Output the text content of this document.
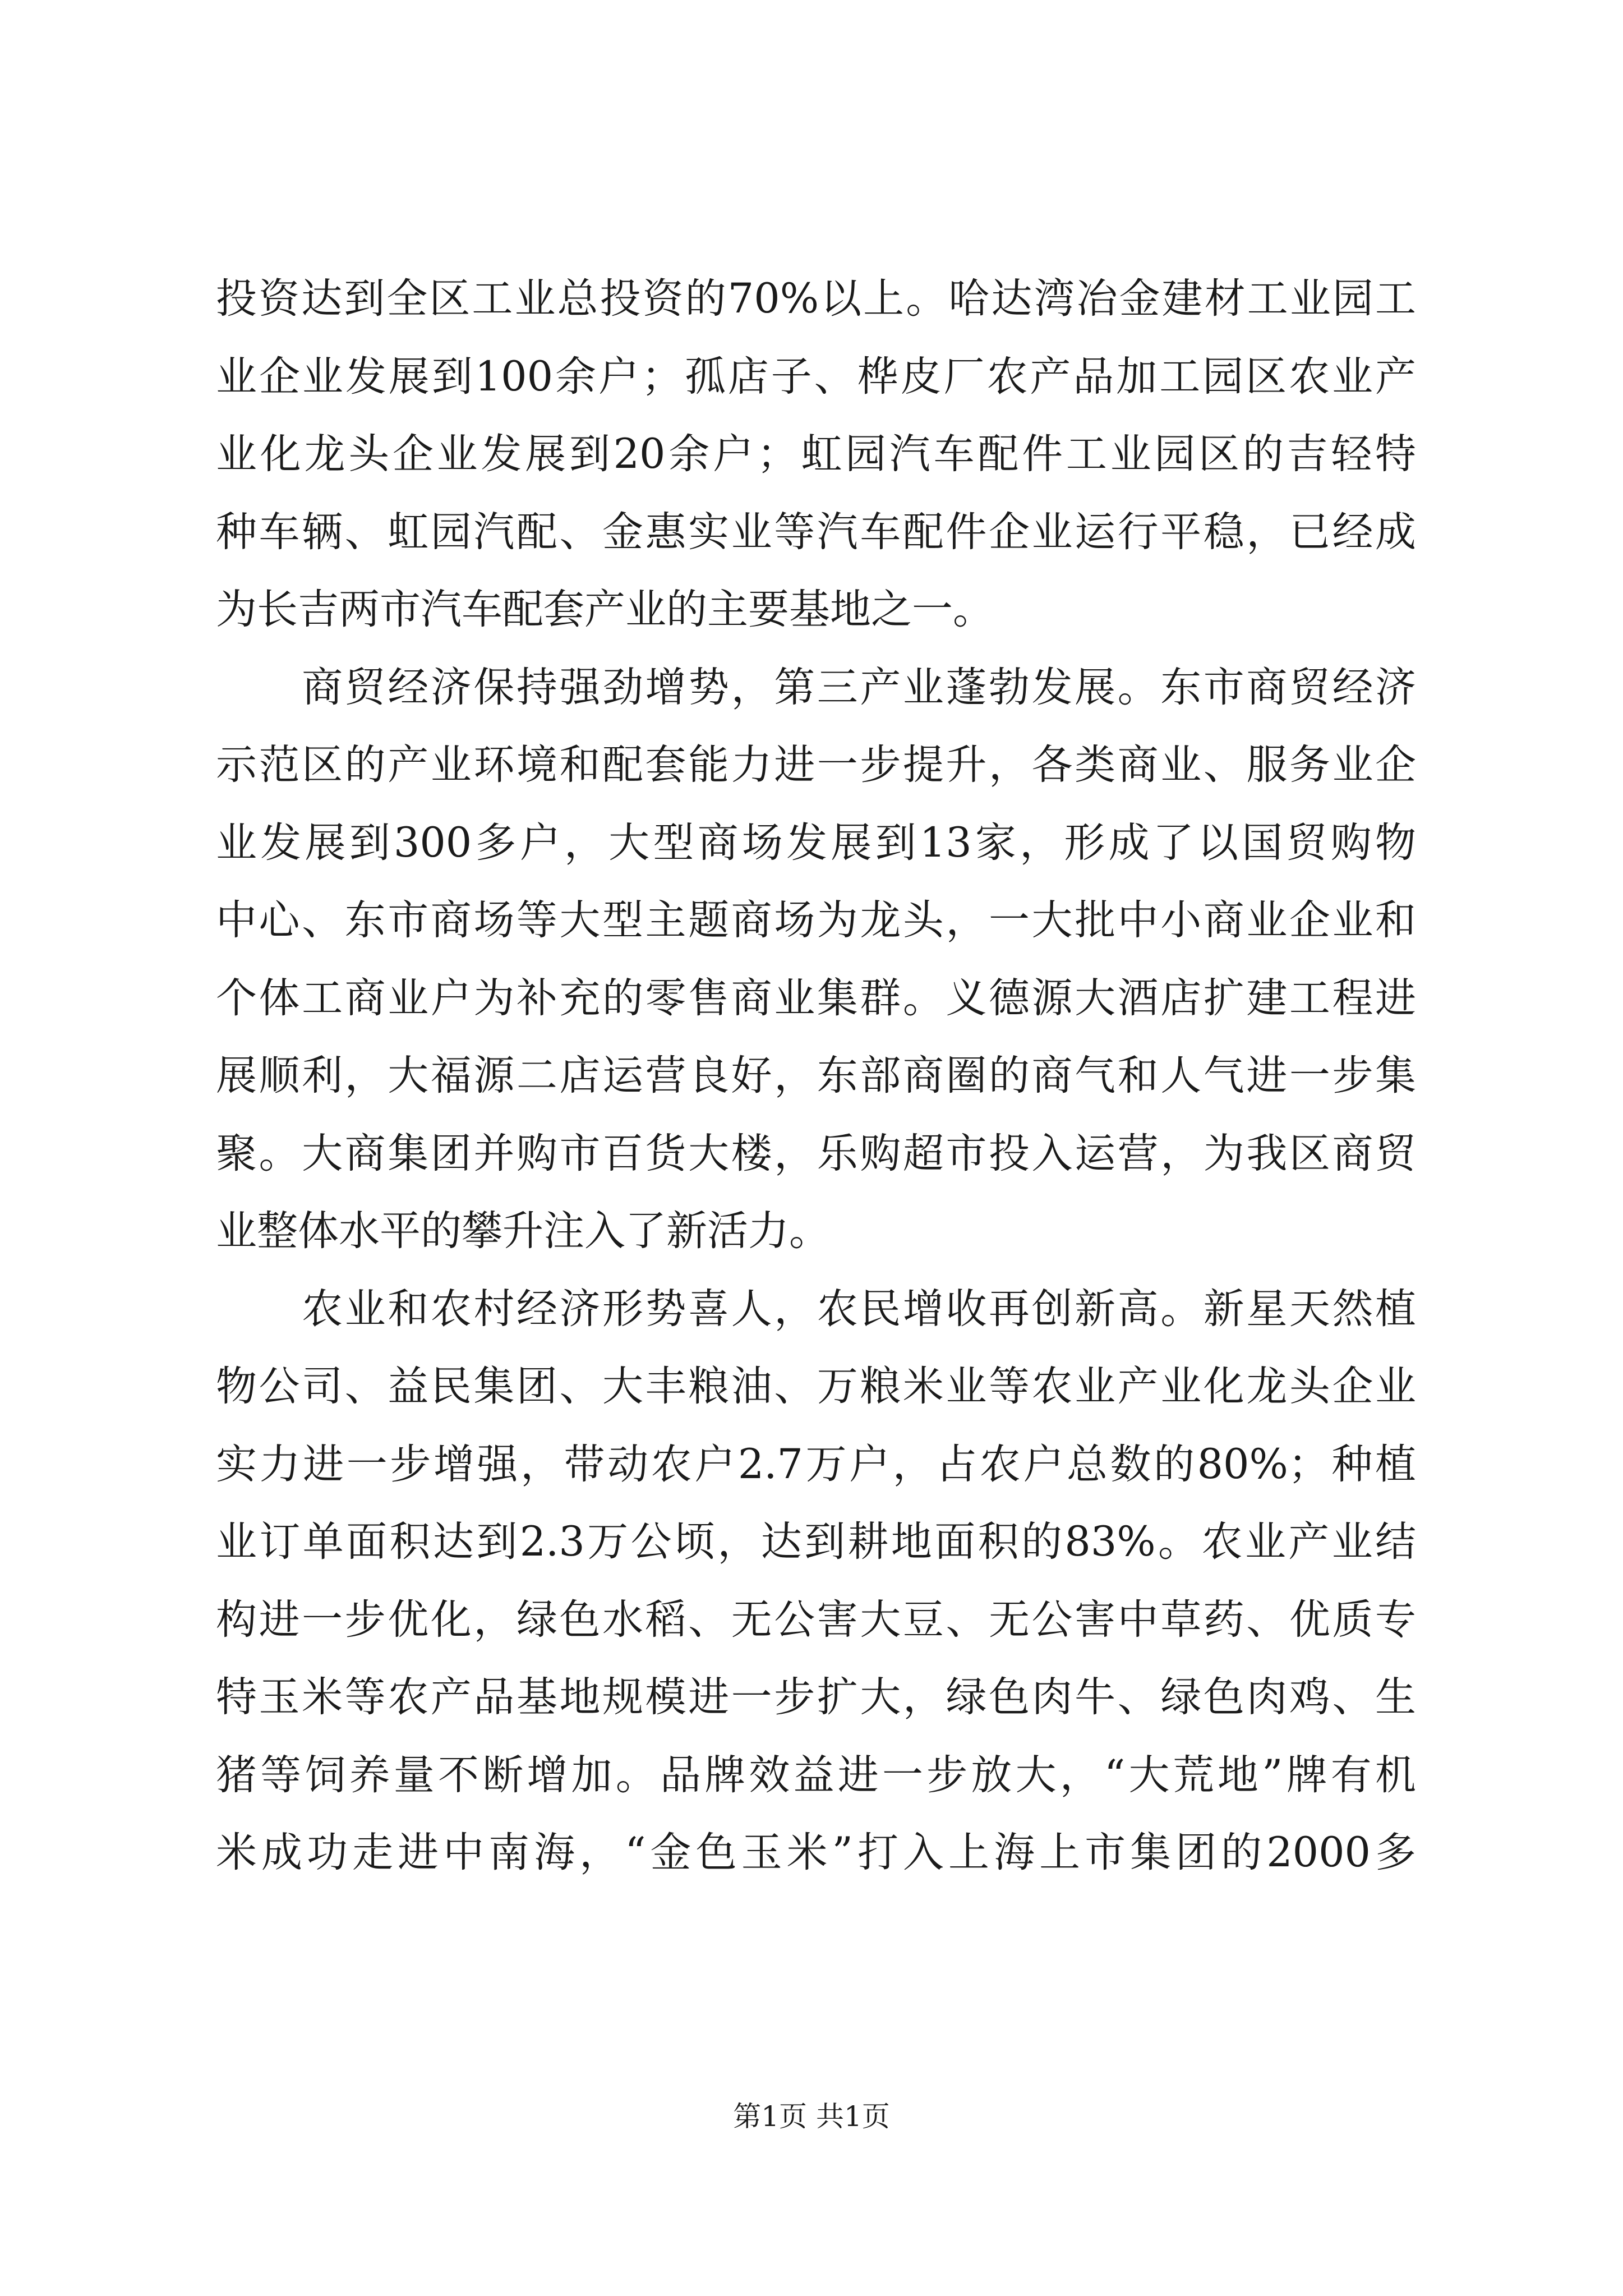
投资达到全区工业总投资的70%以上。哈达湾冶金建材工业园工
业企业发展到100余户；孤店子、桦皮厂农产品加工园区农业产
业化龙头企业发展到20余户；虹园汽车配件工业园区的吉轻特
种车辆、虹园汽配、金惠实业等汽车配件企业运行平稳，已经成
为长吉两市汽车配套产业的主要基地之一。
　　商贸经济保持强劲增势，第三产业蓬勃发展。东市商贸经济
示范区的产业环境和配套能力进一步提升，各类商业、服务业企
业发展到300多户，大型商场发展到13家，形成了以国贸购物
中心、东市商场等大型主题商场为龙头，一大批中小商业企业和
个体工商业户为补充的零售商业集群。义德源大酒店扩建工程进
展顺利，大福源二店运营良好，东部商圈的商气和人气进一步集
聚。大商集团并购市百货大楼，乐购超市投入运营，为我区商贸
业整体水平的攀升注入了新活力。
　　农业和农村经济形势喜人，农民增收再创新高。新星天然植
物公司、益民集团、大丰粮油、万粮米业等农业产业化龙头企业
实力进一步增强，带动农户2.7万户，占农户总数的80%；种植
业订单面积达到2.3万公顷，达到耕地面积的83%。农业产业结
构进一步优化，绿色水稻、无公害大豆、无公害中草药、优质专
特玉米等农产品基地规模进一步扩大，绿色肉牛、绿色肉鸡、生
猪等饲养量不断增加。品牌效益进一步放大，“大荒地”牌有机
米成功走进中南海，“金色玉米”打入上海上市集团的2000多
第1页 共1页
